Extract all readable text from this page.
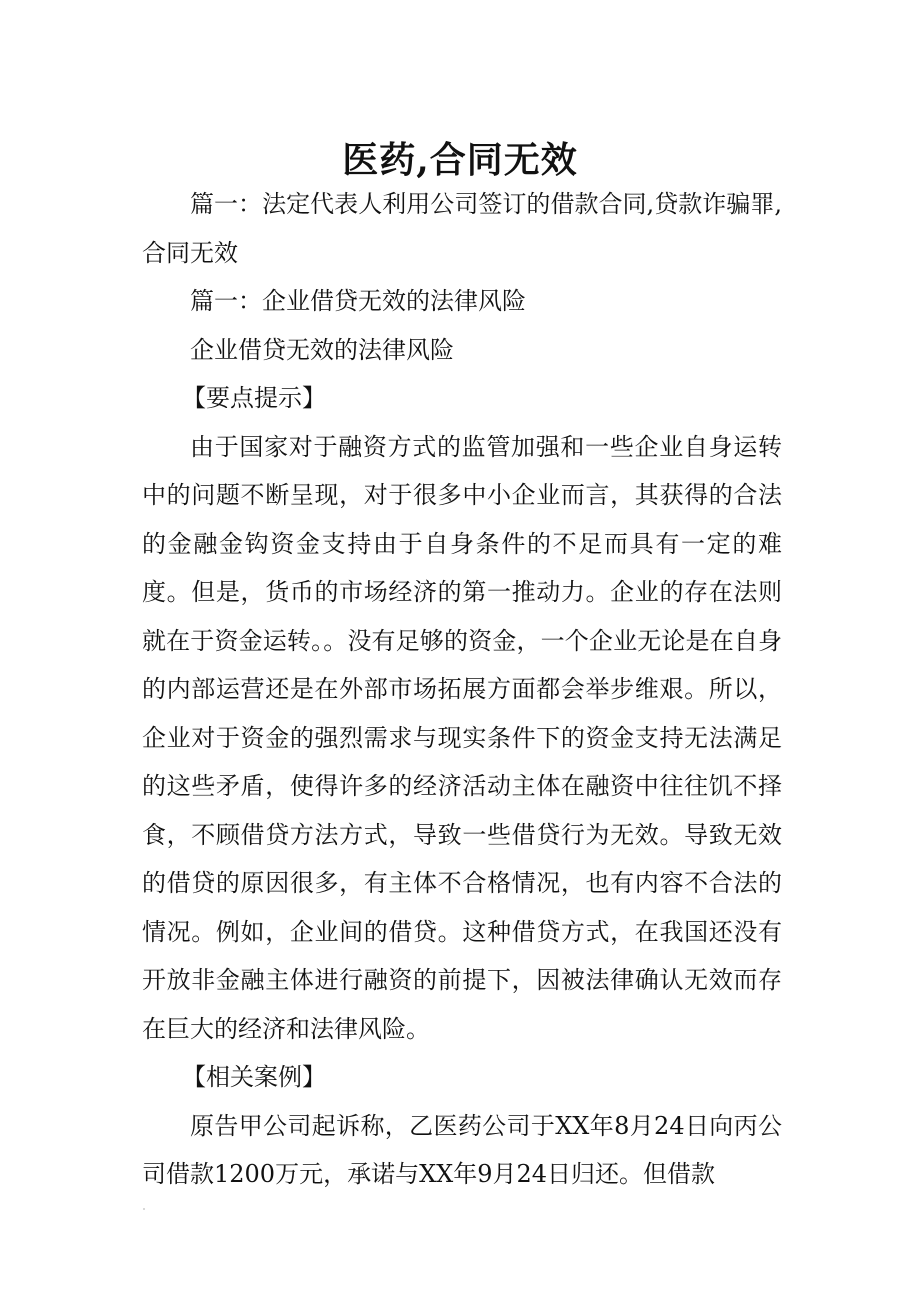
医药,合同无效

篇一：法定代表人利用公司签订的借款合同,贷款诈骗罪,合同无效

篇一：企业借贷无效的法律风险

企业借贷无效的法律风险

【要点提示】

由于国家对于融资方式的监管加强和一些企业自身运转中的问题不断呈现，对于很多中小企业而言，其获得的合法的金融金钩资金支持由于自身条件的不足而具有一定的难度。但是，货币的市场经济的第一推动力。企业的存在法则就在于资金运转。。没有足够的资金，一个企业无论是在自身的内部运营还是在外部市场拓展方面都会举步维艰。所以，企业对于资金的强烈需求与现实条件下的资金支持无法满足的这些矛盾，使得许多的经济活动主体在融资中往往饥不择食，不顾借贷方法方式，导致一些借贷行为无效。导致无效的借贷的原因很多，有主体不合格情况，也有内容不合法的情况。例如，企业间的借贷。这种借贷方式，在我国还没有开放非金融主体进行融资的前提下，因被法律确认无效而存在巨大的经济和法律风险。

【相关案例】

原告甲公司起诉称，乙医药公司于XX年8月24日向丙公司借款1200万元，承诺与XX年9月24日归还。但借款
